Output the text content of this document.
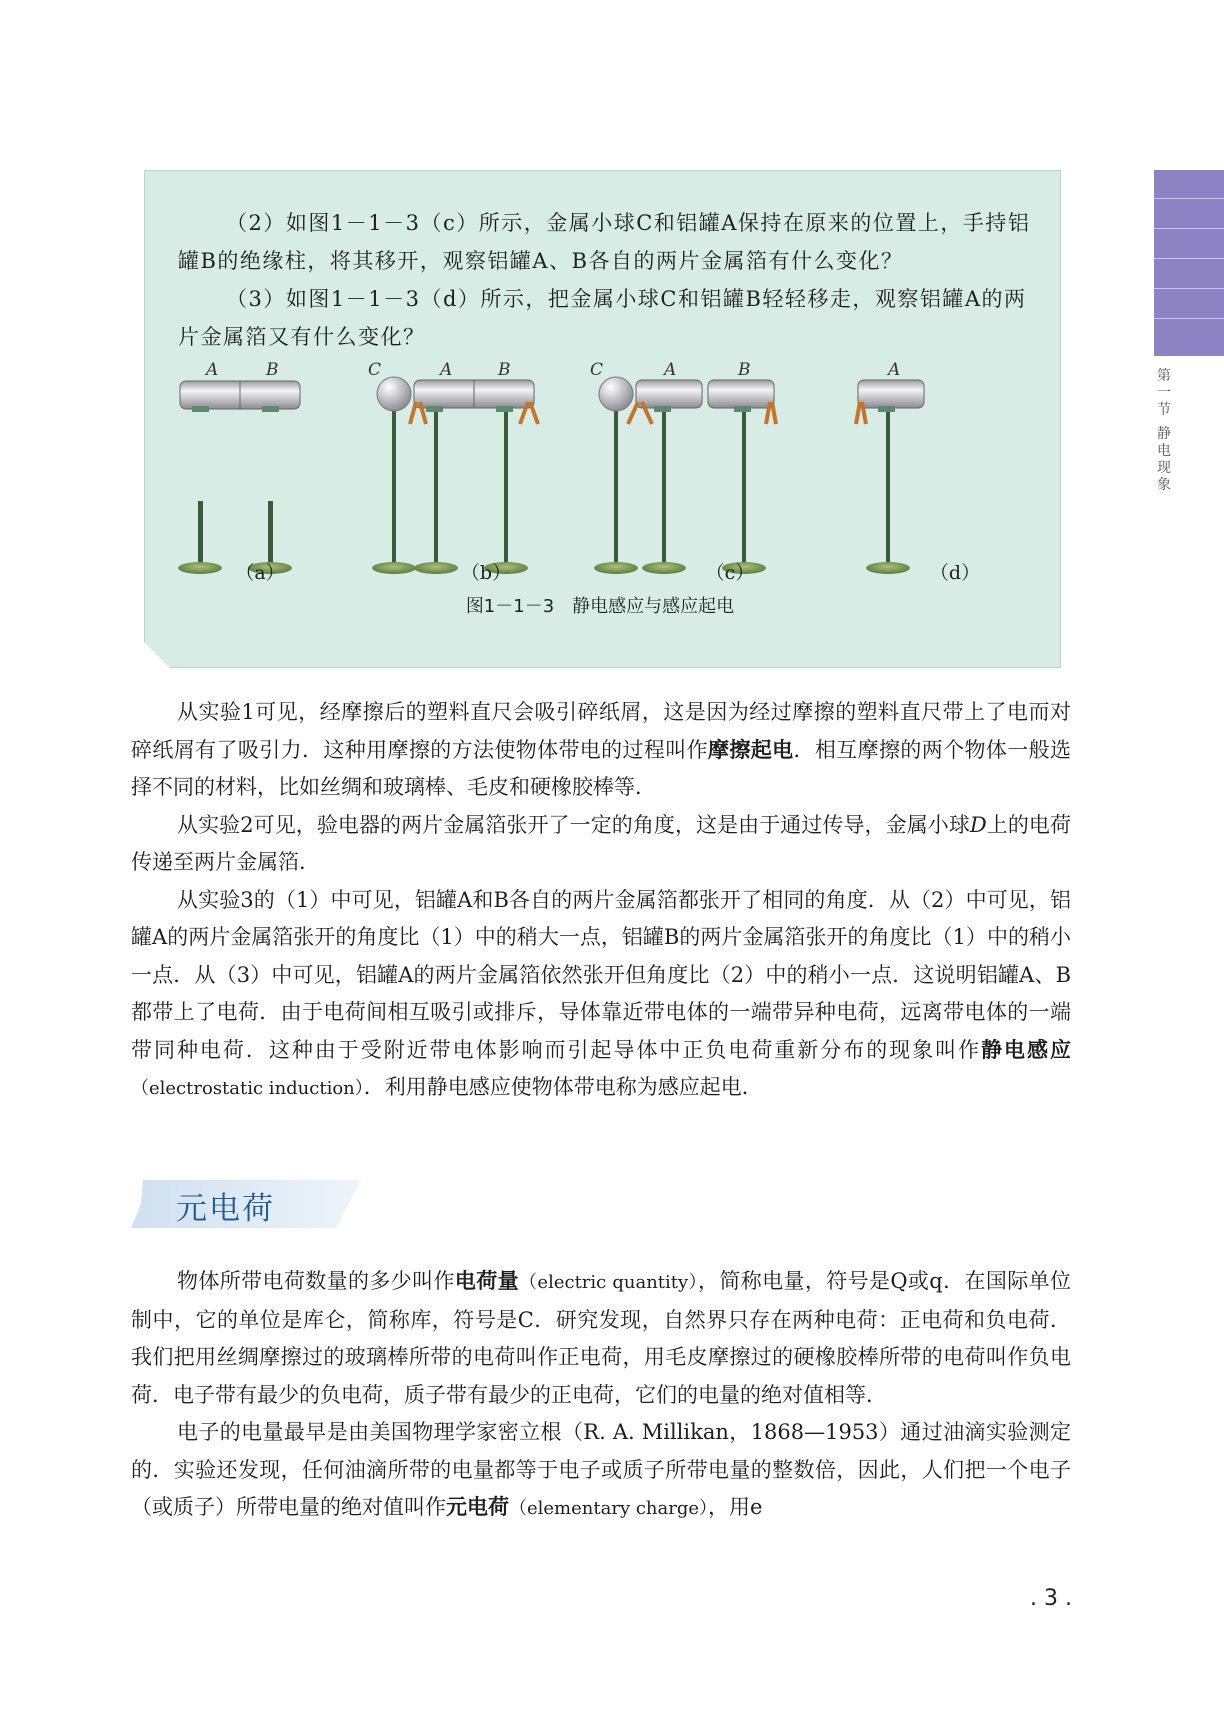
第一节
静电现象

（2）如图1－1－3（c）所示，金属小球C和铝罐A保持在原来的位置上，手持铝罐B的绝缘柱，将其移开，观察铝罐A、B各自的两片金属箔有什么变化？

（3）如图1－1－3（d）所示，把金属小球C和铝罐B轻轻移走，观察铝罐A的两片金属箔又有什么变化？

A	B	C	A	B	C	A	B	A
（a）	（b）	（c）	（d）
图1－1－3　静电感应与感应起电

从实验1可见，经摩擦后的塑料直尺会吸引碎纸屑，这是因为经过摩擦的塑料直尺带上了电而对碎纸屑有了吸引力．这种用摩擦的方法使物体带电的过程叫作摩擦起电．相互摩擦的两个物体一般选择不同的材料，比如丝绸和玻璃棒、毛皮和硬橡胶棒等．

从实验2可见，验电器的两片金属箔张开了一定的角度，这是由于通过传导，金属小球D上的电荷传递至两片金属箔．

从实验3的（1）中可见，铝罐A和B各自的两片金属箔都张开了相同的角度．从（2）中可见，铝罐A的两片金属箔张开的角度比（1）中的稍大一点，铝罐B的两片金属箔张开的角度比（1）中的稍小一点．从（3）中可见，铝罐A的两片金属箔依然张开但角度比（2）中的稍小一点．这说明铝罐A、B都带上了电荷．由于电荷间相互吸引或排斥，导体靠近带电体的一端带异种电荷，远离带电体的一端带同种电荷．这种由于受附近带电体影响而引起导体中正负电荷重新分布的现象叫作静电感应（electrostatic induction）．利用静电感应使物体带电称为感应起电．

元电荷

物体所带电荷数量的多少叫作电荷量（electric quantity），简称电量，符号是Q或q．在国际单位制中，它的单位是库仑，简称库，符号是C．研究发现，自然界只存在两种电荷：正电荷和负电荷．我们把用丝绸摩擦过的玻璃棒所带的电荷叫作正电荷，用毛皮摩擦过的硬橡胶棒所带的电荷叫作负电荷．电子带有最少的负电荷，质子带有最少的正电荷，它们的电量的绝对值相等．

电子的电量最早是由美国物理学家密立根（R. A. Millikan，1868—1953）通过油滴实验测定的．实验还发现，任何油滴所带的电量都等于电子或质子所带电量的整数倍，因此，人们把一个电子（或质子）所带电量的绝对值叫作元电荷（elementary charge），用e

. 3 .
